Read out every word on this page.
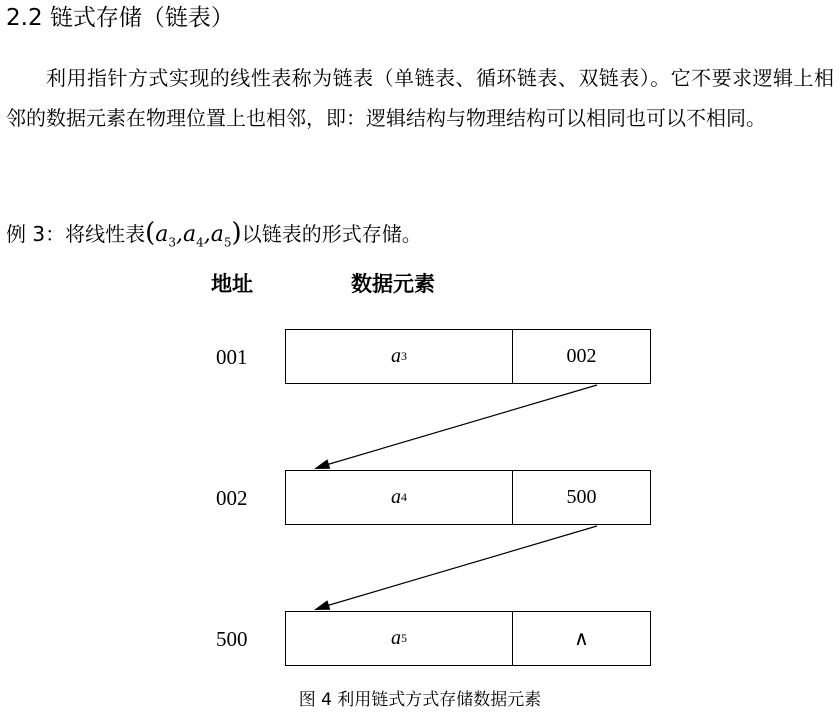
2.2 链式存储（链表）

利用指针方式实现的线性表称为链表（单链表、循环链表、双链表）。它不要求逻辑上相邻的数据元素在物理位置上也相邻，即：逻辑结构与物理结构可以相同也可以不相同。

例 3：将线性表$(a_3,a_4,a_5)$以链表的形式存储。
地址	数据元素
001	a 3	002
002	a 4	500
500	a 5	∧
图 4 利用链式方式存储数据元素
